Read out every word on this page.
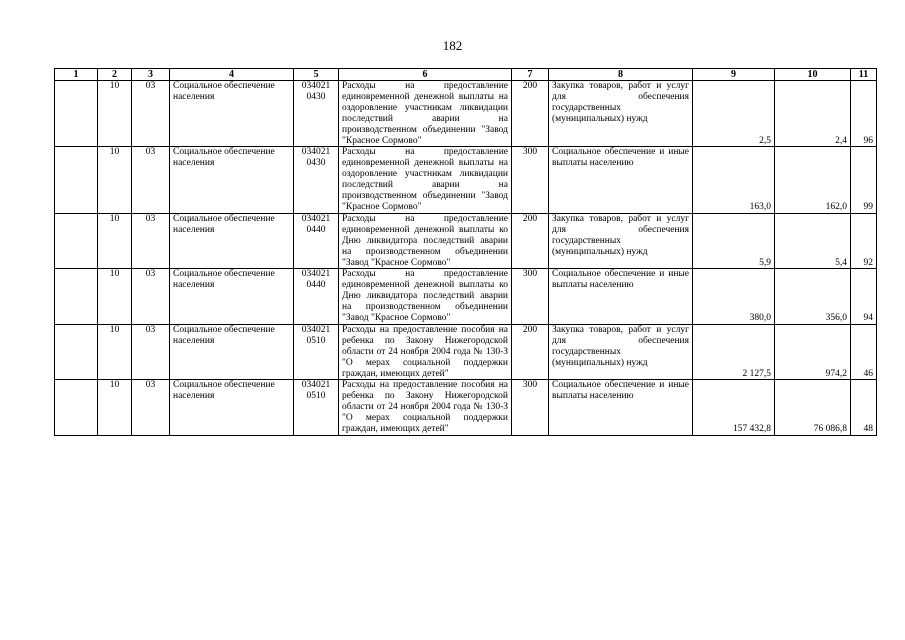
182
1	2	3	4	5	6	7	8	9	10	11
	10	03	Социальное обеспечение населения	034021 0430	Расходы на предоставление единовременной денежной выплаты на оздоровление участникам ликвидации последствий аварии на производственном объединении "Завод "Красное Сормово"	200	Закупка товаров, работ и услуг для обеспечения государственных (муниципальных) нужд	2,5	2,4	96
	10	03	Социальное обеспечение населения	034021 0430	Расходы на предоставление единовременной денежной выплаты на оздоровление участникам ликвидации последствий аварии на производственном объединении "Завод "Красное Сормово"	300	Социальное обеспечение и иные выплаты населению	163,0	162,0	99
	10	03	Социальное обеспечение населения	034021 0440	Расходы на предоставление единовременной денежной выплаты ко Дню ликвидатора последствий аварии на производственном объединении "Завод "Красное Сормово"	200	Закупка товаров, работ и услуг для обеспечения государственных (муниципальных) нужд	5,9	5,4	92
	10	03	Социальное обеспечение населения	034021 0440	Расходы на предоставление единовременной денежной выплаты ко Дню ликвидатора последствий аварии на производственном объединении "Завод "Красное Сормово"	300	Социальное обеспечение и иные выплаты населению	380,0	356,0	94
	10	03	Социальное обеспечение населения	034021 0510	Расходы на предоставление пособия на ребенка по Закону Нижегородской области от 24 ноября 2004 года № 130-З "О мерах социальной поддержки граждан, имеющих детей"	200	Закупка товаров, работ и услуг для обеспечения государственных (муниципальных) нужд	2 127,5	974,2	46
	10	03	Социальное обеспечение населения	034021 0510	Расходы на предоставление пособия на ребенка по Закону Нижегородской области от 24 ноября 2004 года № 130-З "О мерах социальной поддержки граждан, имеющих детей"	300	Социальное обеспечение и иные выплаты населению	157 432,8	76 086,8	48
